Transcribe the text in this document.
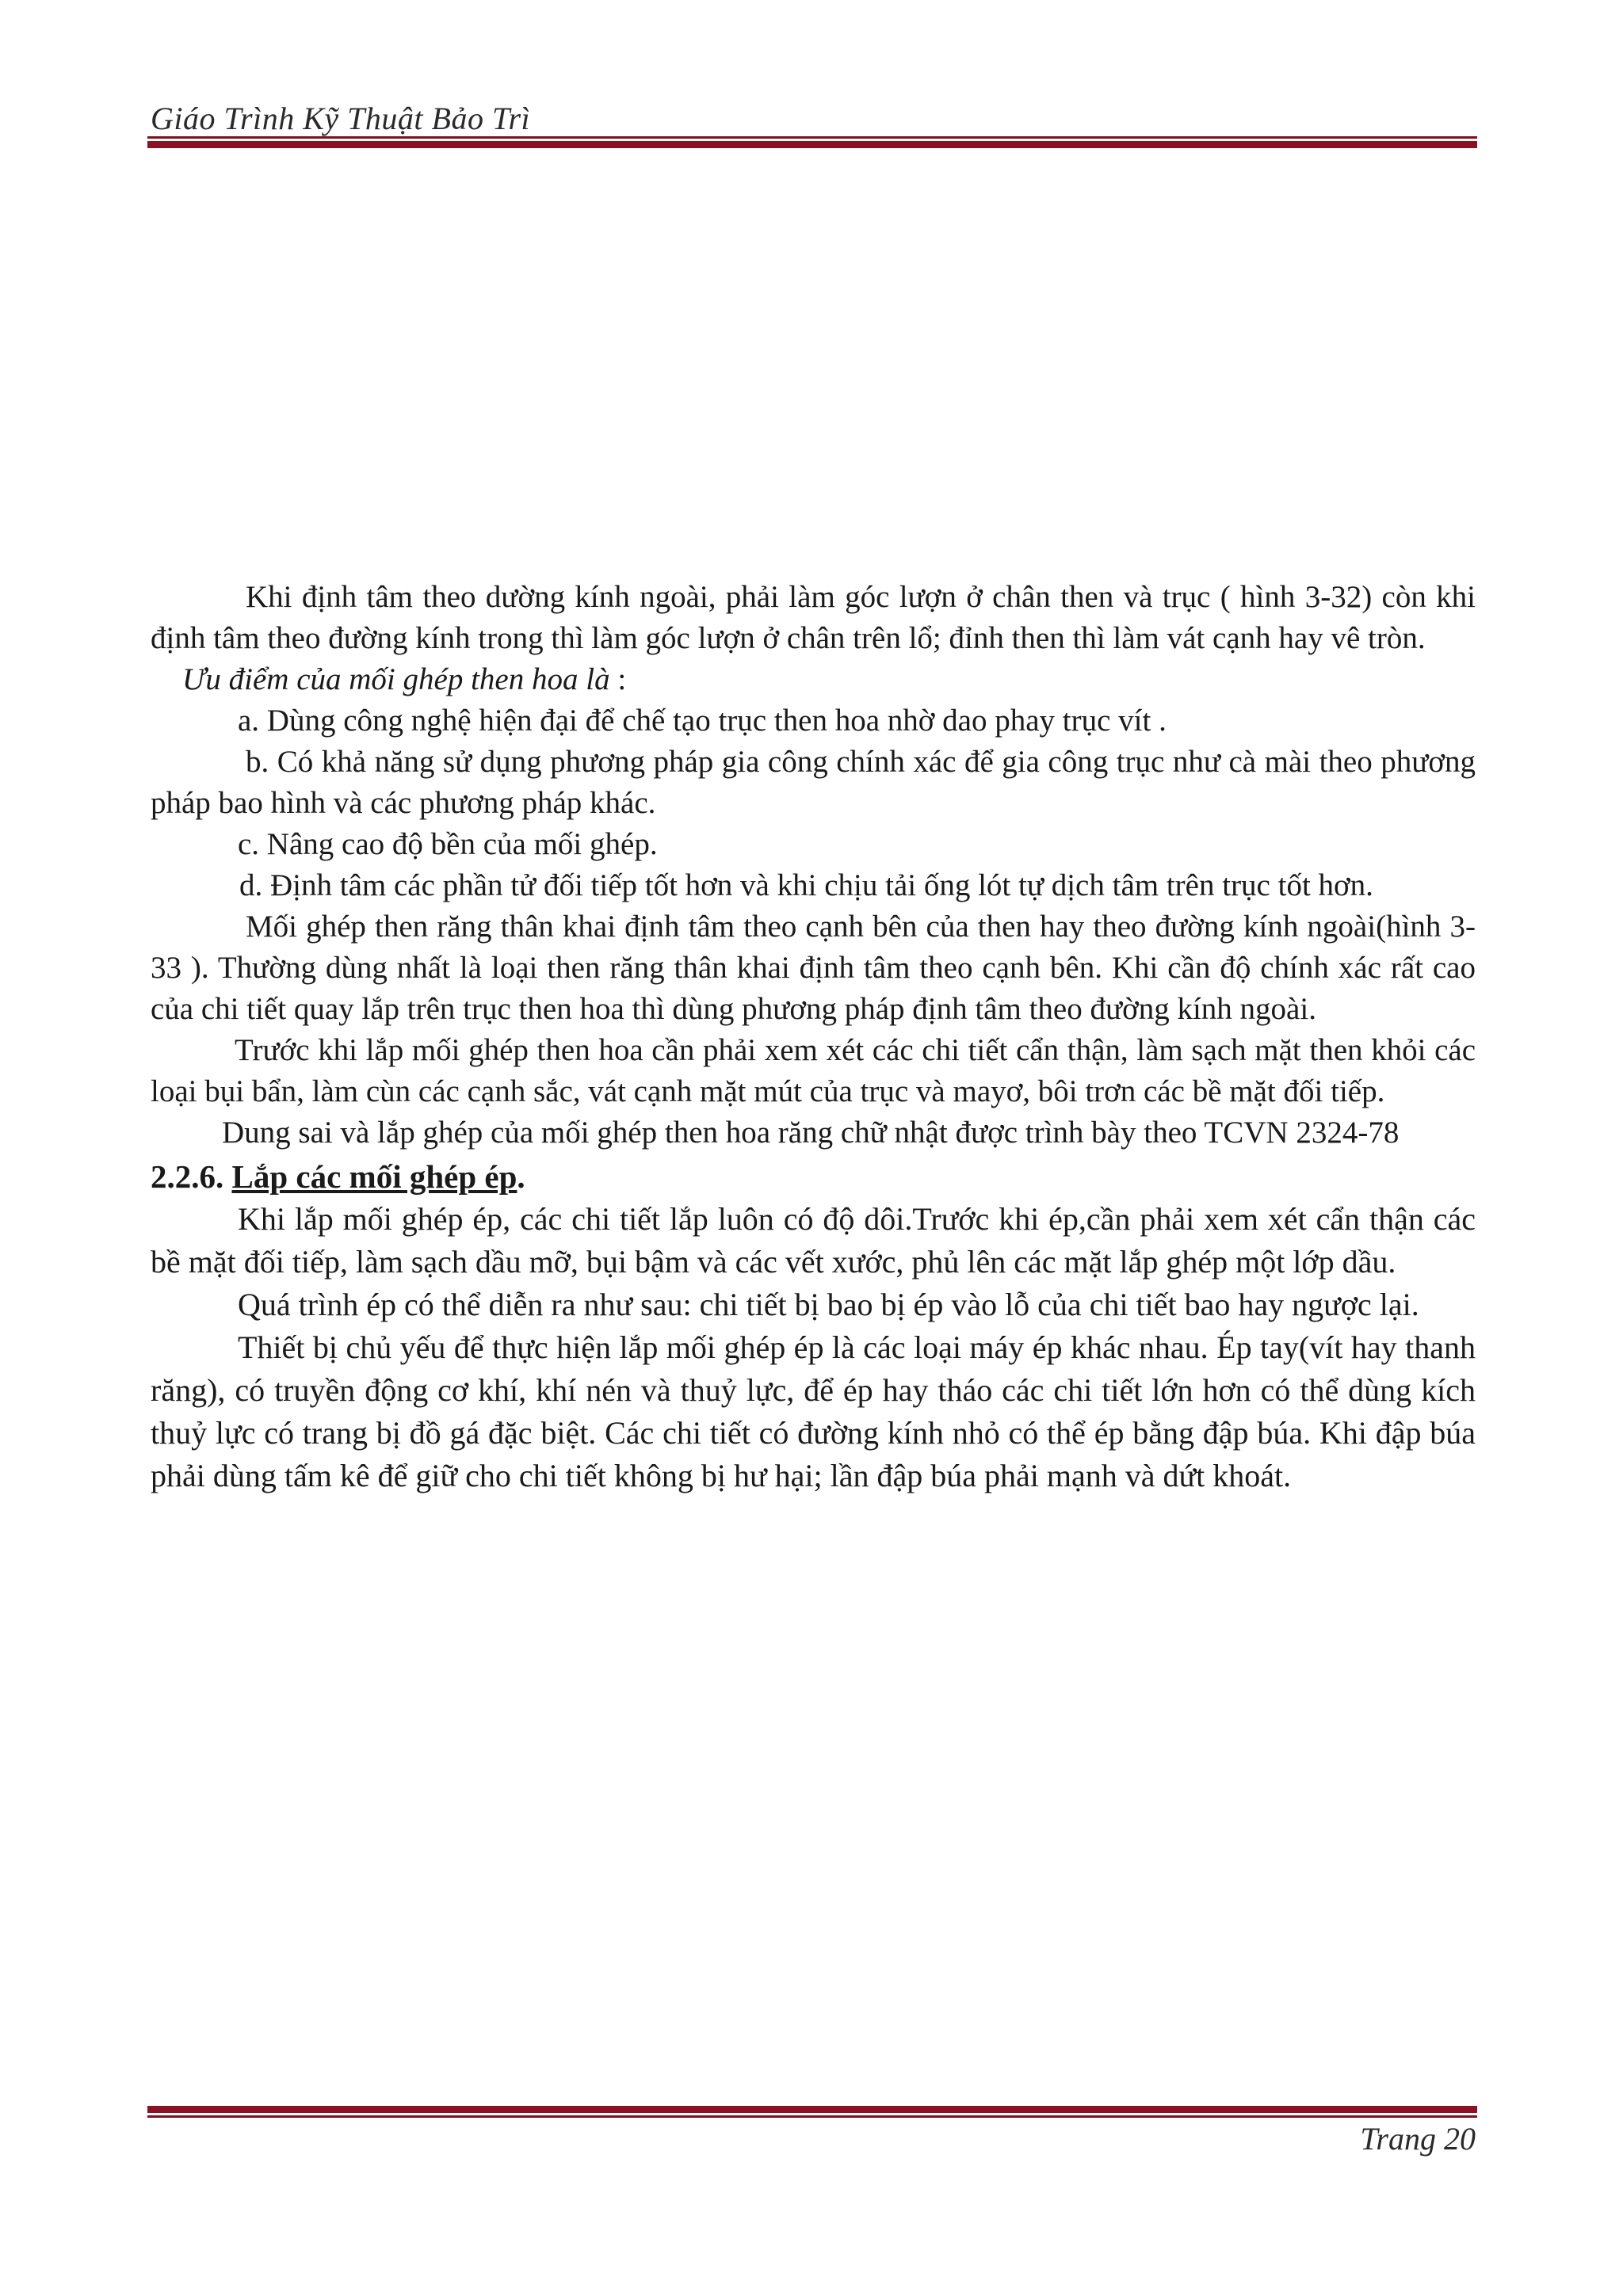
Giáo Trình Kỹ Thuật Bảo Trì

Khi định tâm theo dường kính ngoài, phải làm góc lượn ở chân then và trục ( hình 3-32) còn khi định tâm theo đường kính trong thì làm góc lượn ở chân trên lổ; đỉnh then thì làm vát cạnh hay vê tròn.

Ưu điểm của mối ghép then hoa là :

a. Dùng công nghệ hiện đại để chế tạo trục then hoa nhờ dao phay trục vít .

b. Có khả năng sử dụng phương pháp gia công chính xác để gia công trục như cà mài theo phương pháp bao hình và các phương pháp khác.

c. Nâng cao độ bền của mối ghép.

d. Định tâm các phần tử đối tiếp tốt hơn và khi chịu tải ống lót tự dịch tâm trên trục tốt hơn.

Mối ghép then răng thân khai định tâm theo cạnh bên của then hay theo đường kính ngoài(hình 3-33 ). Thường dùng nhất là loại then răng thân khai định tâm theo cạnh bên. Khi cần độ chính xác rất cao của chi tiết quay lắp trên trục then hoa thì dùng phương pháp định tâm theo đường kính ngoài.

Trước khi lắp mối ghép then hoa cần phải xem xét các chi tiết cẩn thận, làm sạch mặt then khỏi các loại bụi bẩn, làm cùn các cạnh sắc, vát cạnh mặt mút của trục và mayơ, bôi trơn các bề mặt đối tiếp.

Dung sai và lắp ghép của mối ghép then hoa răng chữ nhật được trình bày theo TCVN 2324-78

2.2.6. Lắp các mối ghép ép.

Khi lắp mối ghép ép, các chi tiết lắp luôn có độ dôi.Trước khi ép,cần phải xem xét cẩn thận các bề mặt đối tiếp, làm sạch dầu mỡ, bụi bậm và các vết xước, phủ lên các mặt lắp ghép một lớp dầu.

Quá trình ép có thể diễn ra như sau: chi tiết bị bao bị ép vào lỗ của chi tiết bao hay ngược lại.

Thiết bị chủ yếu để thực hiện lắp mối ghép ép là các loại máy ép khác nhau. Ép tay(vít hay thanh răng), có truyền động cơ khí, khí nén và thuỷ lực, để ép hay tháo các chi tiết lớn hơn có thể dùng kích thuỷ lực có trang bị đồ gá đặc biệt. Các chi tiết có đường kính nhỏ có thể ép bằng đập búa. Khi đập búa phải dùng tấm kê để giữ cho chi tiết không bị hư hại; lần đập búa phải mạnh và dứt khoát.

Trang 20
